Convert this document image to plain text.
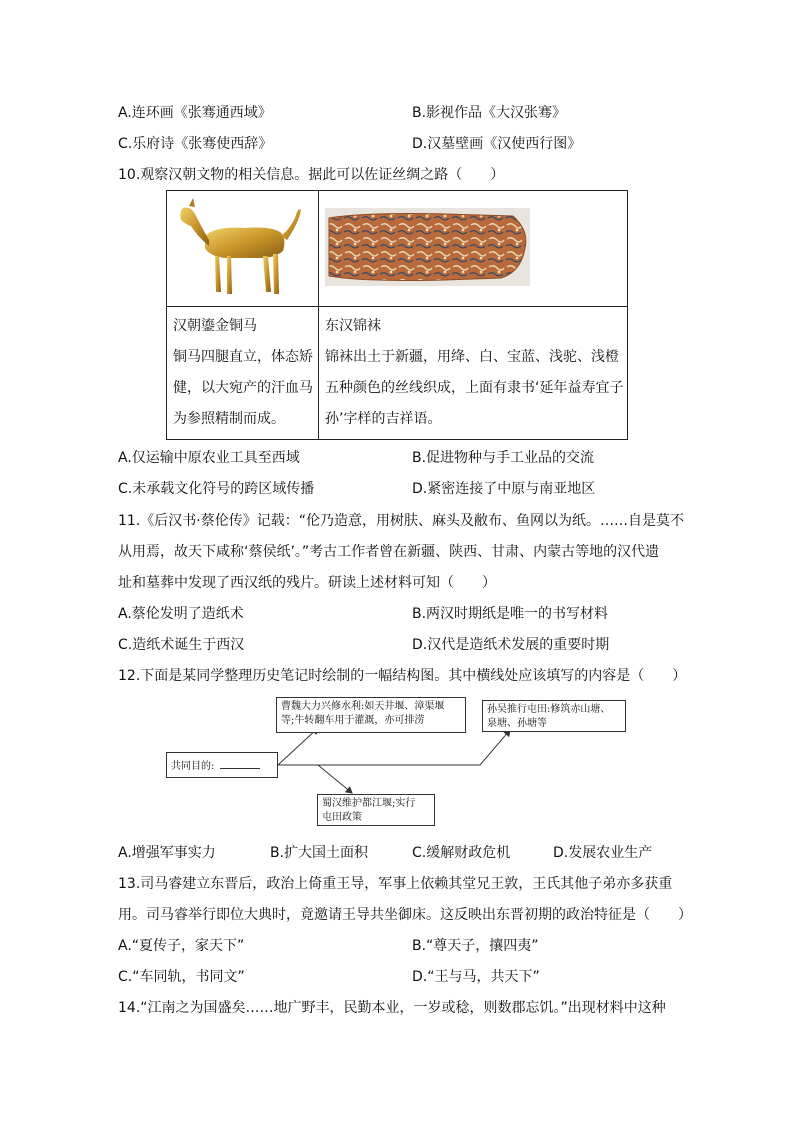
A.连环画《张骞通西域》	B.影视作品《大汉张骞》
C.乐府诗《张骞使西辞》	D.汉墓壁画《汉使西行图》
10.观察汉朝文物的相关信息。据此可以佐证丝绸之路（　　）
汉朝鎏金铜马
铜马四腿直立，体态矫
健，以大宛产的汗血马
为参照精制而成。
东汉锦袜
锦袜出土于新疆，用绛、白、宝蓝、浅驼、浅橙
五种颜色的丝线织成，上面有隶书‘延年益寿宜子
孙’字样的吉祥语。
A.仅运输中原农业工具至西域	B.促进物种与手工业品的交流
C.未承载文化符号的跨区域传播	D.紧密连接了中原与南亚地区
11.《后汉书·蔡伦传》记载：“伦乃造意，用树肤、麻头及敝布、鱼网以为纸。……自是莫不
从用焉，故天下咸称‘蔡侯纸’。”考古工作者曾在新疆、陕西、甘肃、内蒙古等地的汉代遗
址和墓葬中发现了西汉纸的残片。研读上述材料可知（　　）
A.蔡伦发明了造纸术	B.两汉时期纸是唯一的书写材料
C.造纸术诞生于西汉	D.汉代是造纸术发展的重要时期
12.下面是某同学整理历史笔记时绘制的一幅结构图。其中横线处应该填写的内容是（　　）
曹魏大力兴修水利:如天井堰、漳渠堰
等;牛转翻车用于灌溉，亦可排涝
孙吴推行屯田:修筑赤山塘、
泉塘、孙塘等
共同目的:
蜀汉维护都江堰;实行
屯田政策
A.增强军事实力	B.扩大国土面积	C.缓解财政危机	D.发展农业生产
13.司马睿建立东晋后，政治上倚重王导，军事上依赖其堂兄王敦，王氏其他子弟亦多获重
用。司马睿举行即位大典时，竟邀请王导共坐御床。这反映出东晋初期的政治特征是（　　）
A.“夏传子，家天下”	B.“尊天子，攘四夷”
C.“车同轨，书同文”	D.“王与马，共天下”
14.“江南之为国盛矣……地广野丰，民勤本业，一岁或稔，则数郡忘饥。”出现材料中这种
